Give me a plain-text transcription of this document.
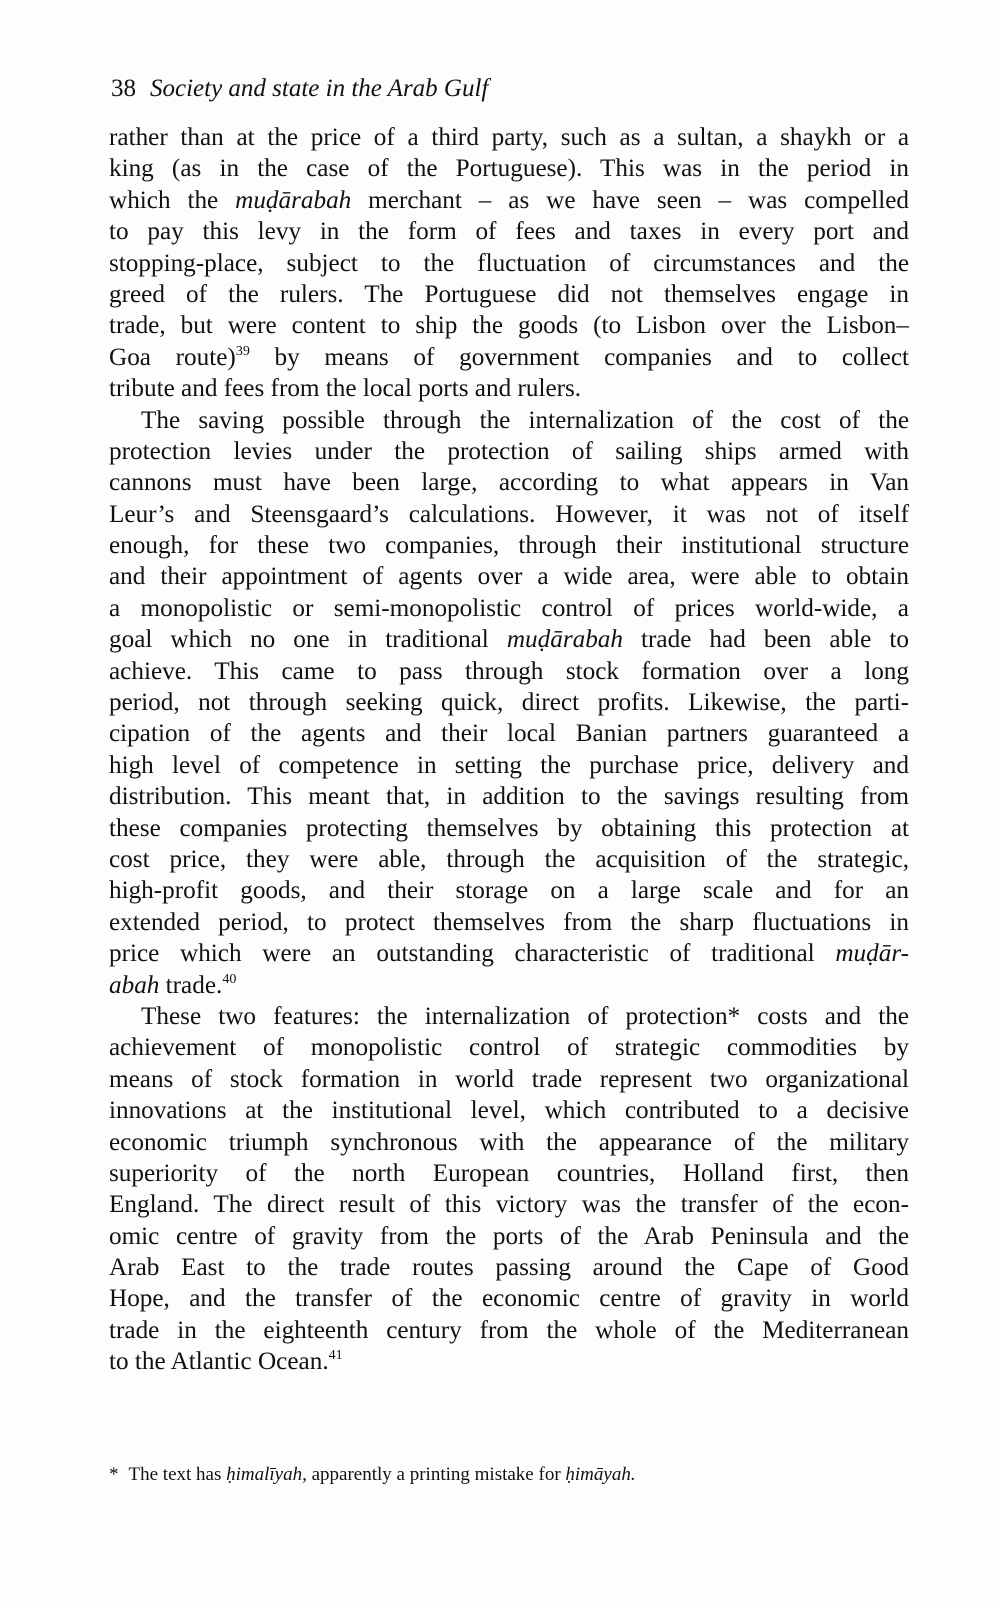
38 Society and state in the Arab Gulf
rather than at the price of a third party, such as a sultan, a shaykh or a
king (as in the case of the Portuguese). This was in the period in
which the muḍārabah merchant – as we have seen – was compelled
to pay this levy in the form of fees and taxes in every port and
stopping-place, subject to the fluctuation of circumstances and the
greed of the rulers. The Portuguese did not themselves engage in
trade, but were content to ship the goods (to Lisbon over the Lisbon–
Goa route)$^{39}$ by means of government companies and to collect
tribute and fees from the local ports and rulers.
The saving possible through the internalization of the cost of the
protection levies under the protection of sailing ships armed with
cannons must have been large, according to what appears in Van
Leur’s and Steensgaard’s calculations. However, it was not of itself
enough, for these two companies, through their institutional structure
and their appointment of agents over a wide area, were able to obtain
a monopolistic or semi-monopolistic control of prices world-wide, a
goal which no one in traditional muḍārabah trade had been able to
achieve. This came to pass through stock formation over a long
period, not through seeking quick, direct profits. Likewise, the parti-
cipation of the agents and their local Banian partners guaranteed a
high level of competence in setting the purchase price, delivery and
distribution. This meant that, in addition to the savings resulting from
these companies protecting themselves by obtaining this protection at
cost price, they were able, through the acquisition of the strategic,
high-profit goods, and their storage on a large scale and for an
extended period, to protect themselves from the sharp fluctuations in
price which were an outstanding characteristic of traditional muḍār-
abah trade.$^{40}$
These two features: the internalization of protection* costs and the
achievement of monopolistic control of strategic commodities by
means of stock formation in world trade represent two organizational
innovations at the institutional level, which contributed to a decisive
economic triumph synchronous with the appearance of the military
superiority of the north European countries, Holland first, then
England. The direct result of this victory was the transfer of the econ-
omic centre of gravity from the ports of the Arab Peninsula and the
Arab East to the trade routes passing around the Cape of Good
Hope, and the transfer of the economic centre of gravity in world
trade in the eighteenth century from the whole of the Mediterranean
to the Atlantic Ocean.$^{41}$
* The text has ḥimalīyah, apparently a printing mistake for ḥimāyah.
